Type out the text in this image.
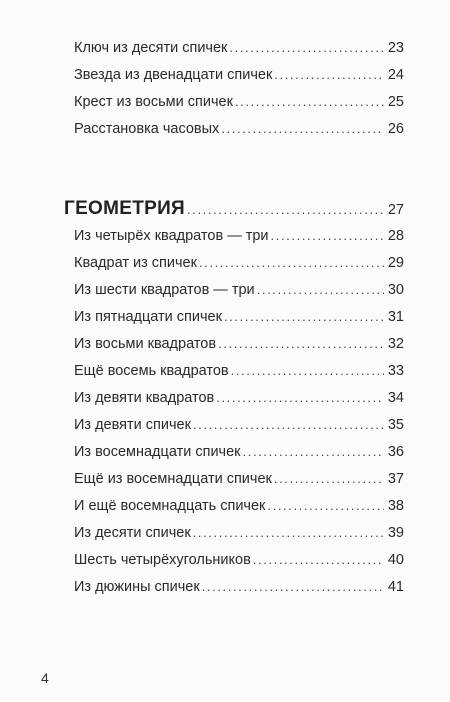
Ключ из десяти спичек .....	23
Звезда из двенадцати спичек .....	24
Крест из восьми спичек .....	25
Расстановка часовых .....	26
ГЕОМЕТРИЯ .....	27
Из четырёх квадратов — три .....	28
Квадрат из спичек .....	29
Из шести квадратов — три .....	30
Из пятнадцати спичек .....	31
Из восьми квадратов .....	32
Ещё восемь квадратов .....	33
Из девяти квадратов .....	34
Из девяти спичек .....	35
Из восемнадцати спичек .....	36
Ещё из восемнадцати спичек .....	37
И ещё восемнадцать спичек .....	38
Из десяти спичек .....	39
Шесть четырёхугольников .....	40
Из дюжины спичек .....	41
4
